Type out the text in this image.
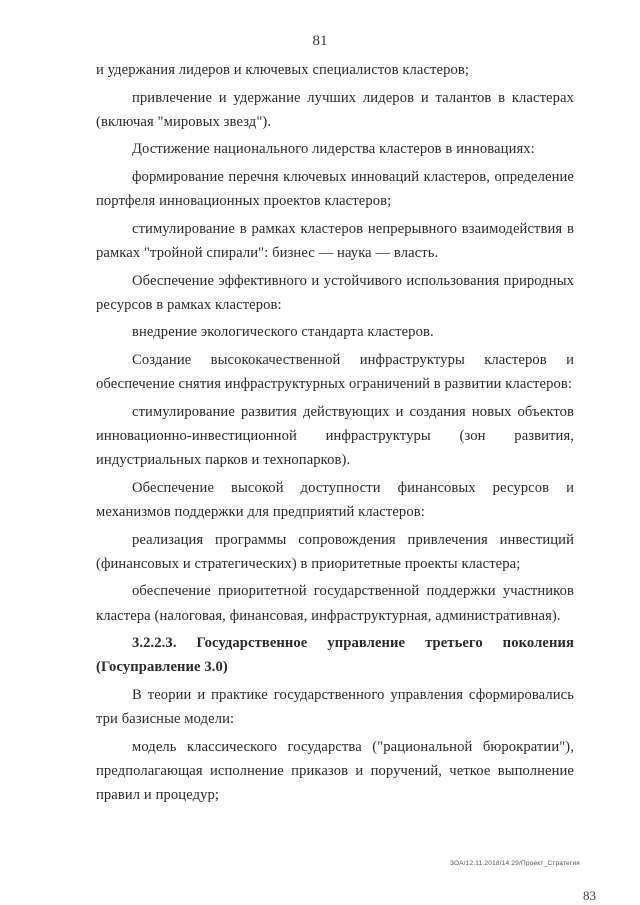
81

и удержания лидеров и ключевых специалистов кластеров;

привлечение и удержание лучших лидеров и талантов в кластерах (включая "мировых звезд").

Достижение национального лидерства кластеров в инновациях:

формирование перечня ключевых инноваций кластеров, определение портфеля инновационных проектов кластеров;

стимулирование в рамках кластеров непрерывного взаимодействия в рамках "тройной спирали": бизнес — наука — власть.

Обеспечение эффективного и устойчивого использования природных ресурсов в рамках кластеров:

внедрение экологического стандарта кластеров.

Создание высококачественной инфраструктуры кластеров и обеспечение снятия инфраструктурных ограничений в развитии кластеров:

стимулирование развития действующих и создания новых объектов инновационно-инвестиционной инфраструктуры (зон развития, индустриальных парков и технопарков).

Обеспечение высокой доступности финансовых ресурсов и механизмов поддержки для предприятий кластеров:

реализация программы сопровождения привлечения инвестиций (финансовых и стратегических) в приоритетные проекты кластера;

обеспечение приоритетной государственной поддержки участников кластера (налоговая, финансовая, инфраструктурная, административная).

3.2.2.3. Государственное управление третьего поколения (Госуправление 3.0)

В теории и практике государственного управления сформировались три базисные модели:

модель классического государства ("рациональной бюрократии"), предполагающая исполнение приказов и поручений, четкое выполнение правил и процедур;

ЗОА/12.11.2018/14:29/Проект_Стратегия
83
